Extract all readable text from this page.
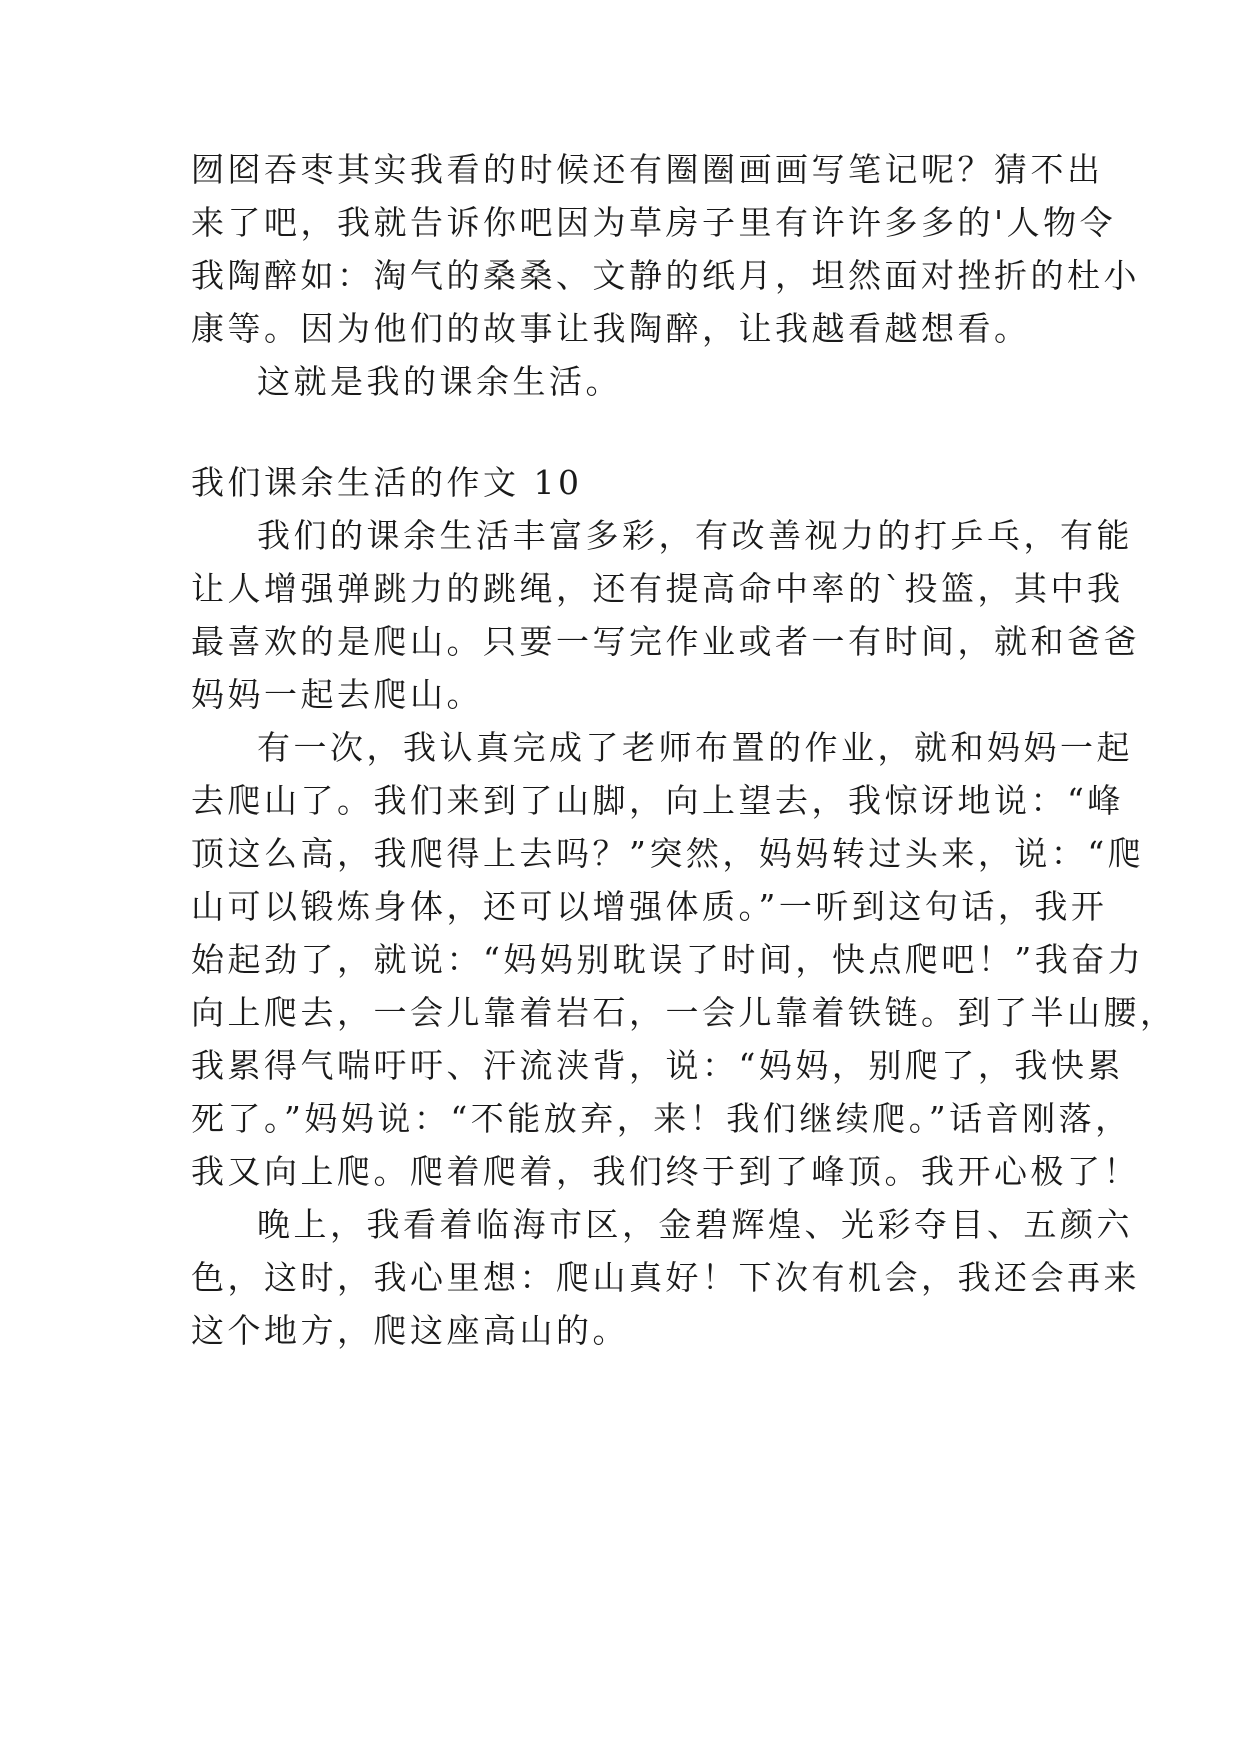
囫囵吞枣其实我看的时候还有圈圈画画写笔记呢？猜不出
来了吧，我就告诉你吧因为草房子里有许许多多的'人物令
我陶醉如：淘气的桑桑、文静的纸月，坦然面对挫折的杜小
康等。因为他们的故事让我陶醉，让我越看越想看。
这就是我的课余生活。
我们课余生活的作文 10
我们的课余生活丰富多彩，有改善视力的打乒乓，有能
让人增强弹跳力的跳绳，还有提高命中率的`投篮，其中我
最喜欢的是爬山。只要一写完作业或者一有时间，就和爸爸
妈妈一起去爬山。
有一次，我认真完成了老师布置的作业，就和妈妈一起
去爬山了。我们来到了山脚，向上望去，我惊讶地说：“峰
顶这么高，我爬得上去吗？”突然，妈妈转过头来，说：“爬
山可以锻炼身体，还可以增强体质。”一听到这句话，我开
始起劲了，就说：“妈妈别耽误了时间，快点爬吧！”我奋力
向上爬去，一会儿靠着岩石，一会儿靠着铁链。到了半山腰，
我累得气喘吁吁、汗流浃背，说：“妈妈，别爬了，我快累
死了。”妈妈说：“不能放弃，来！我们继续爬。”话音刚落，
我又向上爬。爬着爬着，我们终于到了峰顶。我开心极了！
晚上，我看着临海市区，金碧辉煌、光彩夺目、五颜六
色，这时，我心里想：爬山真好！下次有机会，我还会再来
这个地方，爬这座高山的。
